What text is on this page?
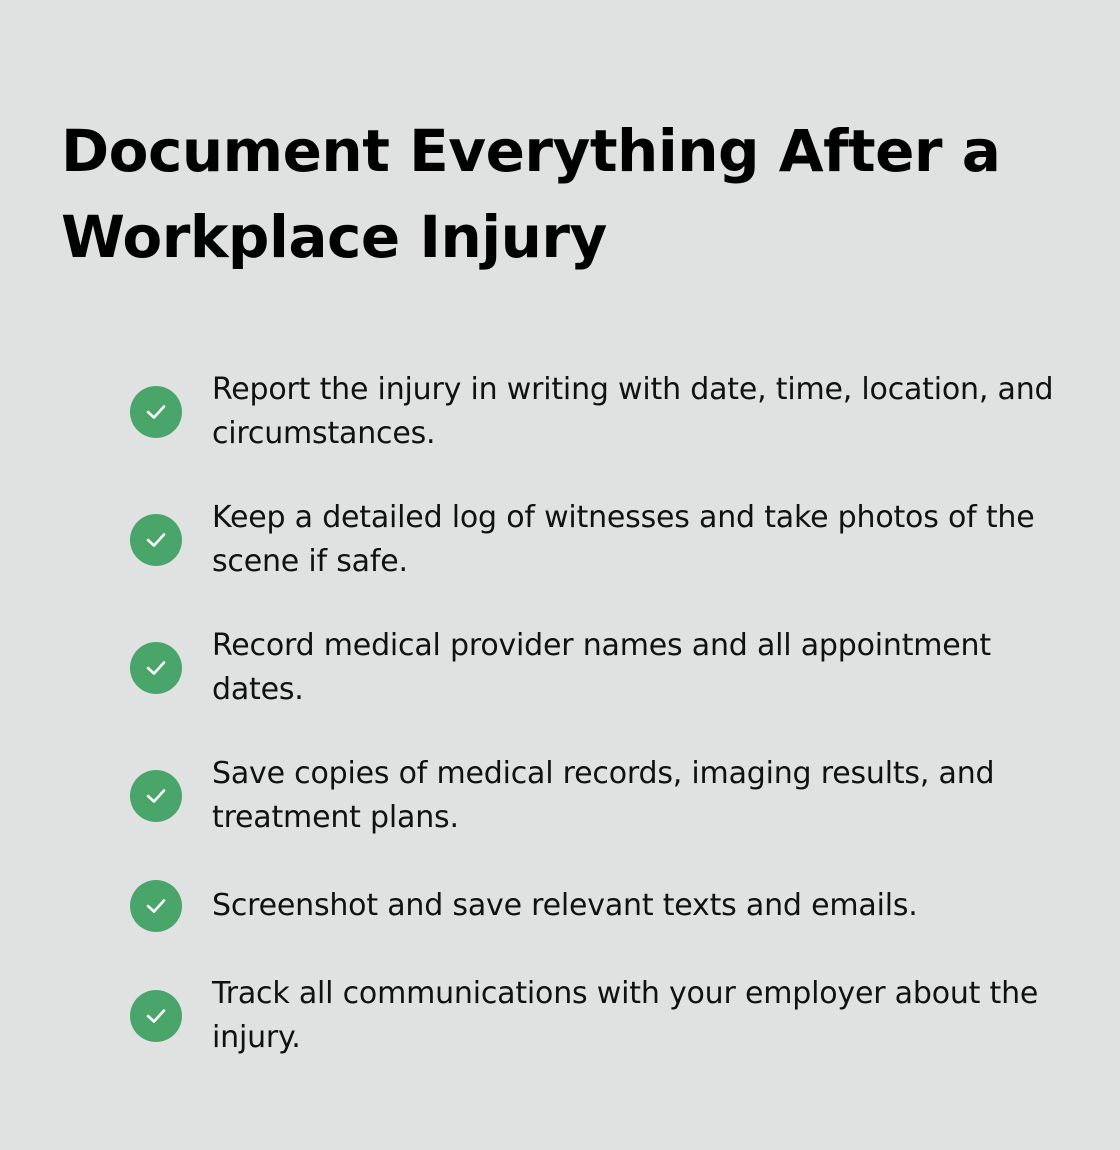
Document Everything After a Workplace Injury
Report the injury in writing with date, time, location, and circumstances.
Keep a detailed log of witnesses and take photos of the scene if safe.
Record medical provider names and all appointment dates.
Save copies of medical records, imaging results, and treatment plans.
Screenshot and save relevant texts and emails.
Track all communications with your employer about the injury.
